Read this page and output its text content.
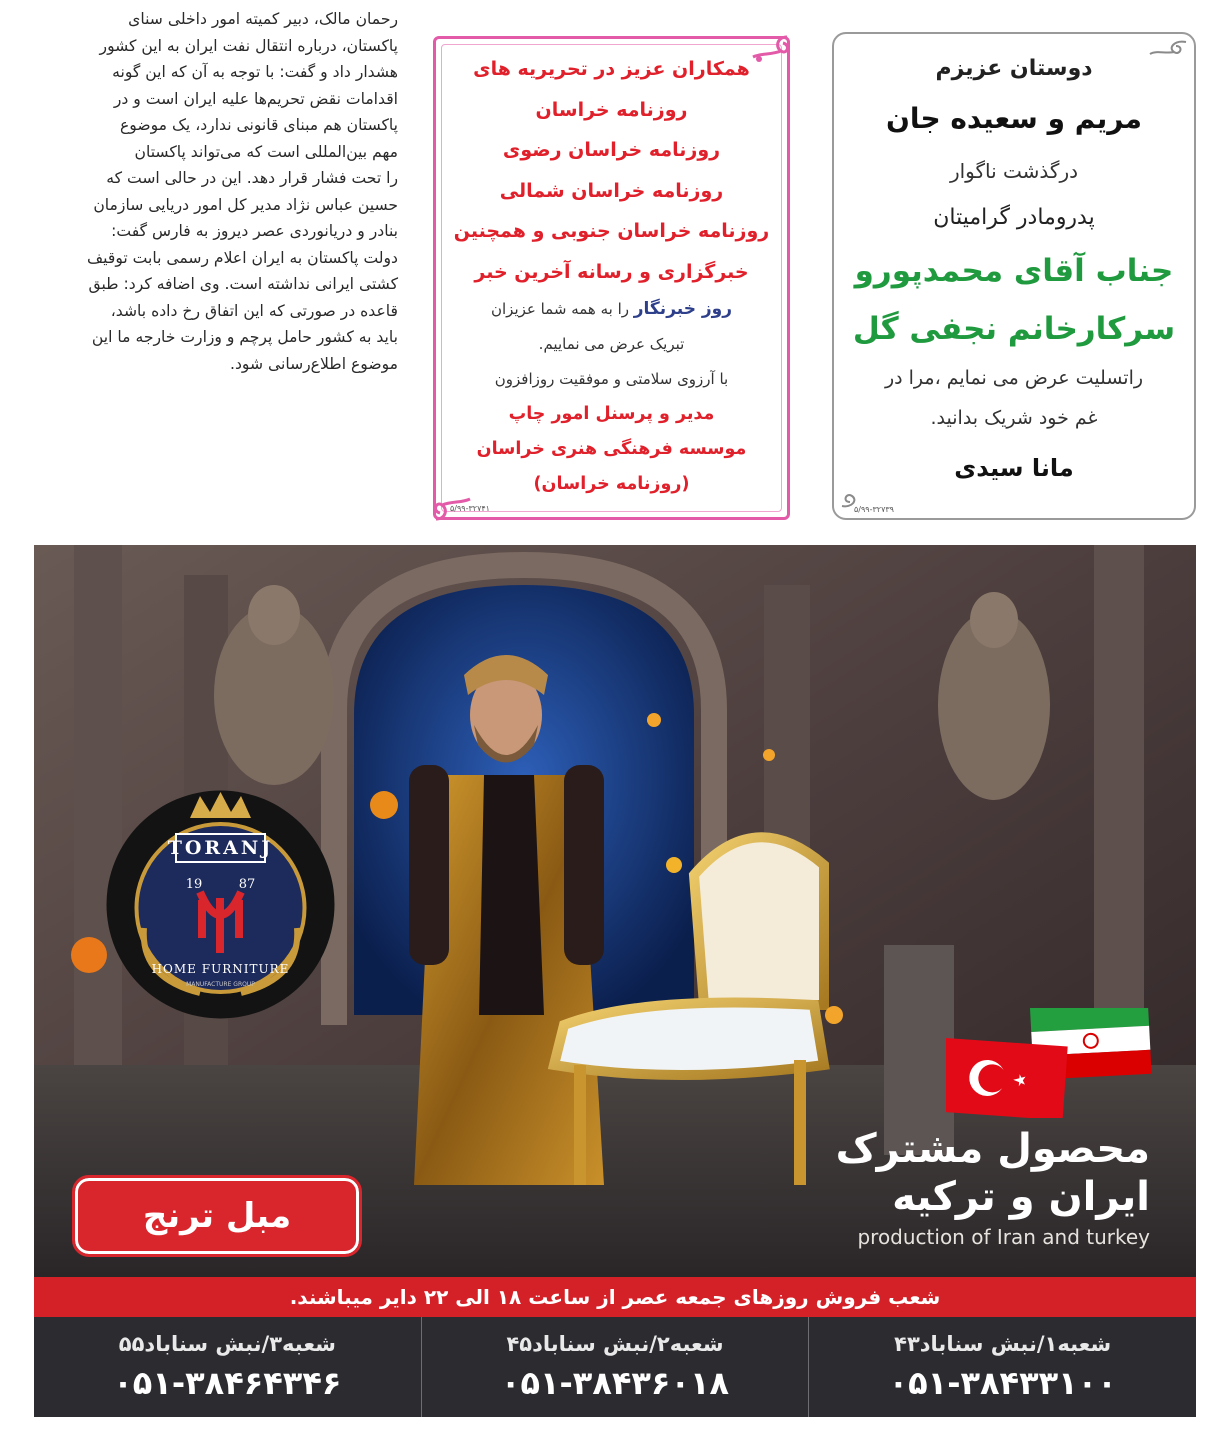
رحمان مالک، دبیر کمیته امور داخلی سنای

پاکستان، درباره انتقال نفت ایران به این کشور

هشدار داد و گفت: با توجه به آن که این گونه

اقدامات نقض تحریم‌ها علیه ایران است و در

پاکستان هم مبنای قانونی ندارد، یک موضوع

مهم بین‌المللی است که می‌تواند پاکستان

را تحت فشار قرار دهد. این در حالی است که

حسین عباس نژاد مدیر کل امور دریایی سازمان

بنادر و دریانوردی عصر دیروز به فارس گفت:

دولت پاکستان به ایران اعلام رسمی بابت توقیف

کشتی ایرانی نداشته است. وی اضافه کرد: طبق

قاعده در صورتی که این اتفاق رخ داده باشد،

باید به کشور حامل پرچم و وزارت خارجه ما این

موضوع اطلاع‌رسانی شود.

همکاران عزیز در تحریریه های
روزنامه خراسان
روزنامه خراسان رضوی
روزنامه خراسان شمالی
روزنامه خراسان جنوبی و همچنین
خبرگزاری و رسانه آخرین خبر
روز خبرنگار را به همه شما عزیزان
تبریک عرض می نماییم.
با آرزوی سلامتی و موفقیت روزافزون
مدیر و پرسنل امور چاپ
موسسه فرهنگی هنری خراسان
(روزنامه خراسان)
۵/۹۹-۳۲۷۴۱
دوستان عزیزم
مریم و سعیده جان
درگذشت ناگوار
پدرومادر گرامیتان
جناب آقای محمدپورو
سرکارخانم نجفی گل
راتسلیت عرض می نمایم ،مرا در
غم خود شریک بدانید.
مانا سیدی
۵/۹۹-۳۲۷۳۹
TORANJ
19	87
HOME FURNITURE
MANUFACTURE GROUP
مبل ترنج
محصول مشترک
ایران و ترکیه
production of Iran and turkey
شعب فروش روزهای جمعه عصر از ساعت ۱۸ الی ۲۲ دایر میباشند.
شعبه۱/نبش سناباد۴۳
۰۵۱-۳۸۴۳۳۱۰۰
شعبه۲/نبش سناباد۴۵
۰۵۱-۳۸۴۳۶۰۱۸
شعبه۳/نبش سناباد۵۵
۰۵۱-۳۸۴۶۴۳۴۶
